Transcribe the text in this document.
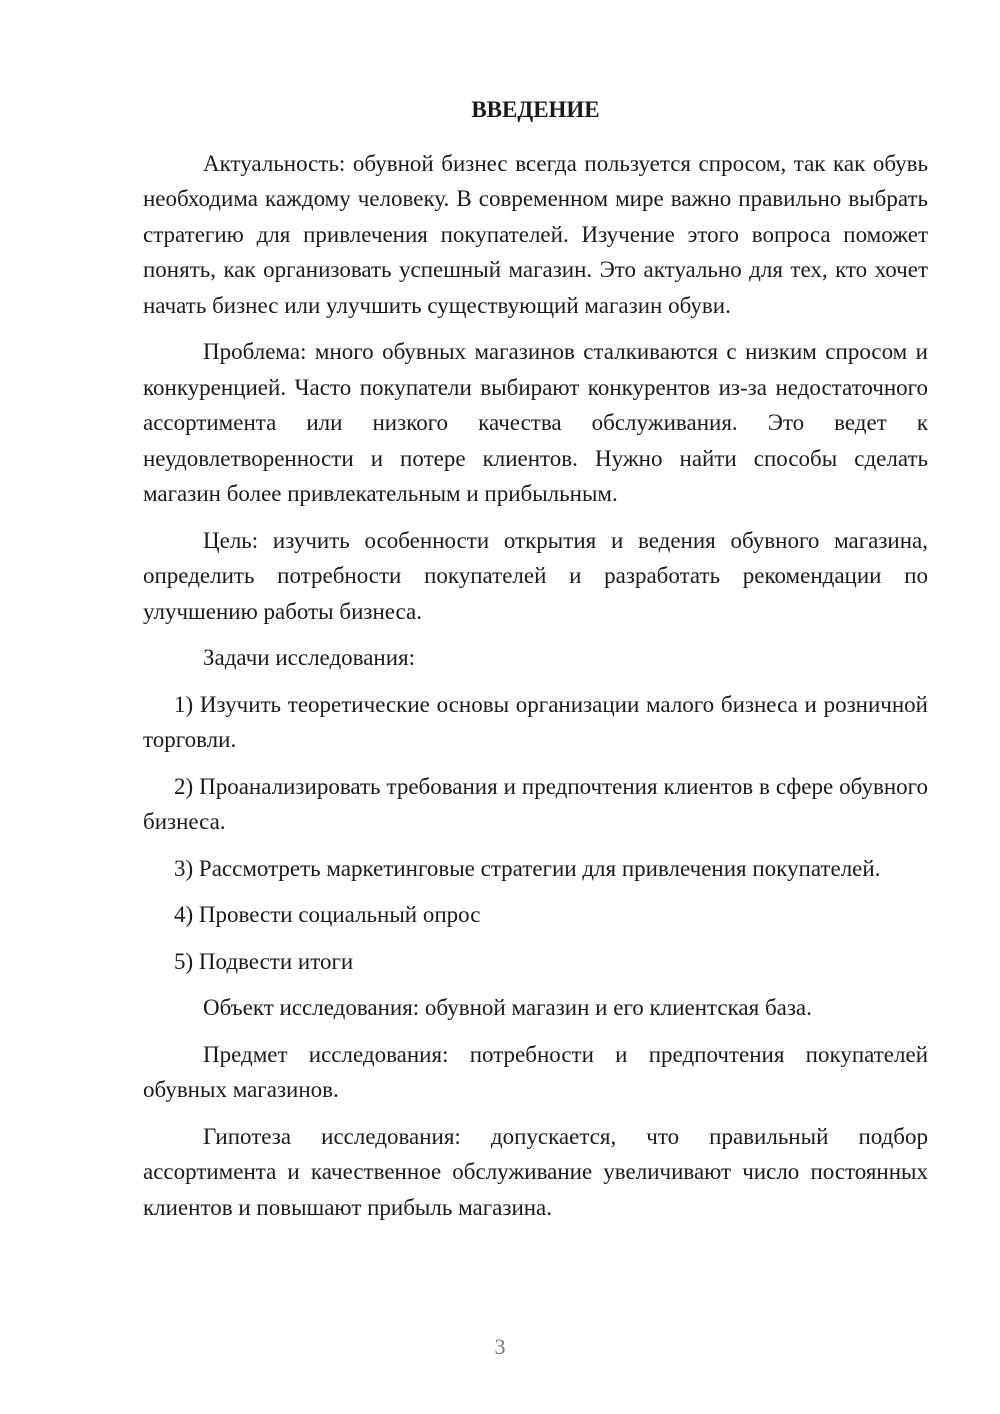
ВВЕДЕНИЕ

Актуальность: обувной бизнес всегда пользуется спросом, так как обувь необходима каждому человеку. В современном мире важно правильно выбрать стратегию для привлечения покупателей. Изучение этого вопроса поможет понять, как организовать успешный магазин. Это актуально для тех, кто хочет начать бизнес или улучшить существующий магазин обуви.

Проблема: много обувных магазинов сталкиваются с низким спросом и конкуренцией. Часто покупатели выбирают конкурентов из-за недостаточного ассортимента или низкого качества обслуживания. Это ведет к неудовлетворенности и потере клиентов. Нужно найти способы сделать магазин более привлекательным и прибыльным.

Цель: изучить особенности открытия и ведения обувного магазина, определить потребности покупателей и разработать рекомендации по улучшению работы бизнеса.

Задачи исследования:

1) Изучить теоретические основы организации малого бизнеса и розничной торговли.

2) Проанализировать требования и предпочтения клиентов в сфере обувного бизнеса.

3) Рассмотреть маркетинговые стратегии для привлечения покупателей.

4) Провести социальный опрос

5) Подвести итоги

Объект исследования: обувной магазин и его клиентская база.

Предмет исследования: потребности и предпочтения покупателей обувных магазинов.

Гипотеза исследования: допускается, что правильный подбор ассортимента и качественное обслуживание увеличивают число постоянных клиентов и повышают прибыль магазина.

3
